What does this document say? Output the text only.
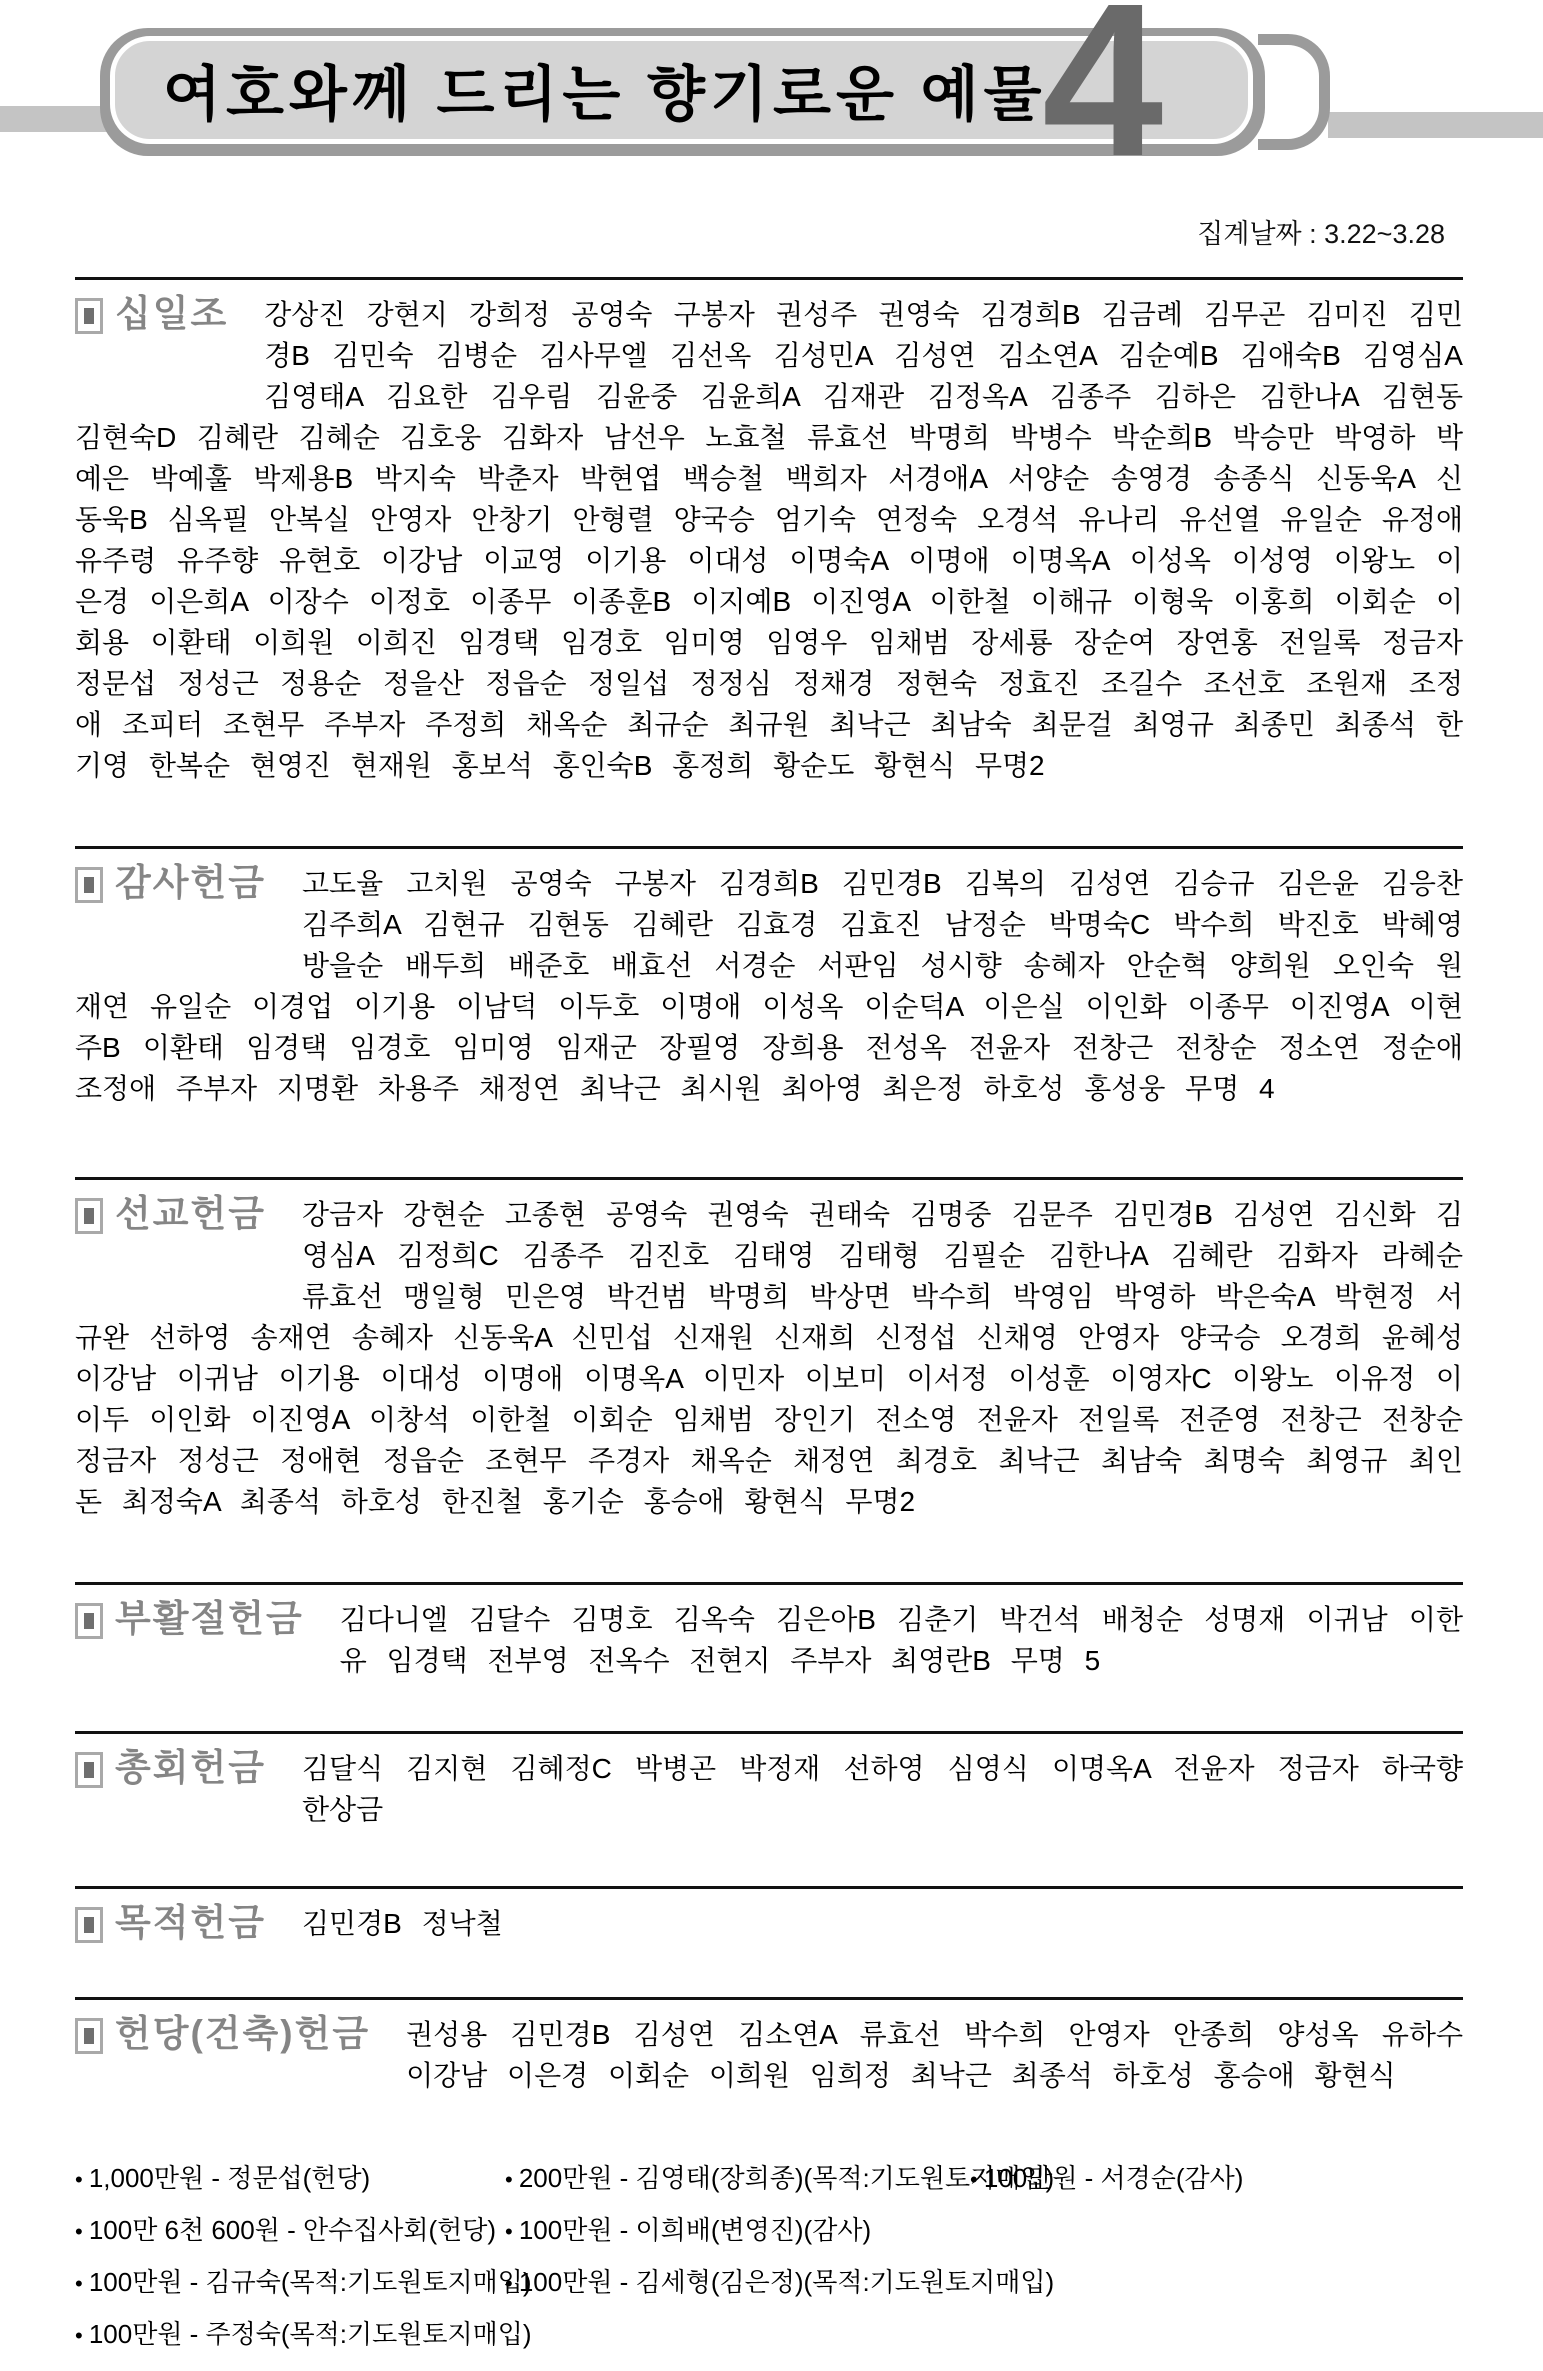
여호와께 드리는 향기로운 예물
4
집계날짜 : 3.22~3.28
십일조	강상진 강현지 강희정 공영숙 구봉자 권성주 권영숙 김경희B 김금례 김무곤 김미진 김민경B 김민숙 김병순 김사무엘 김선옥 김성민A 김성연 김소연A 김순예B 김애숙B 김영심A 김영태A 김요한 김우림 김윤중 김윤희A 김재관 김정옥A 김종주 김하은 김한나A 김현동 김현숙D 김혜란 김혜순 김호웅 김화자 남선우 노효철 류효선 박명희 박병수 박순희B 박승만 박영하 박예은 박예훌 박제용B 박지숙 박춘자 박현엽 백승철 백희자 서경애A 서양순 송영경 송종식 신동욱A 신동욱B 심옥필 안복실 안영자 안창기 안형렬 양국승 엄기숙 연정숙 오경석 유나리 유선열 유일순 유정애 유주령 유주향 유현호 이강남 이교영 이기용 이대성 이명숙A 이명애 이명옥A 이성옥 이성영 이왕노 이은경 이은희A 이장수 이정호 이종무 이종훈B 이지예B 이진영A 이한철 이해규 이형욱 이홍희 이회순 이회용 이환태 이희원 이희진 임경택 임경호 임미영 임영우 임채범 장세룡 장순여 장연홍 전일록 정금자 정문섭 정성근 정용순 정을산 정읍순 정일섭 정정심 정채경 정현숙 정효진 조길수 조선호 조원재 조정애 조피터 조현무 주부자 주정희 채옥순 최규순 최규원 최낙근 최남숙 최문걸 최영규 최종민 최종석 한기영 한복순 현영진 현재원 홍보석 홍인숙B 홍정희 황순도 황현식 무명2

감사헌금	고도율 고치원 공영숙 구봉자 김경희B 김민경B 김복의 김성연 김승규 김은윤 김응찬 김주희A 김현규 김현동 김혜란 김효경 김효진 남정순 박명숙C 박수희 박진호 박혜영 방을순 배두희 배준호 배효선 서경순 서판임 성시향 송혜자 안순혁 양희원 오인숙 원재연 유일순 이경업 이기용 이남덕 이두호 이명애 이성옥 이순덕A 이은실 이인화 이종무 이진영A 이현주B 이환태 임경택 임경호 임미영 임재군 장필영 장희용 전성옥 전윤자 전창근 전창순 정소연 정순애 조정애 주부자 지명환 차용주 채정연 최낙근 최시원 최아영 최은정 하호성 홍성웅 무명 4

선교헌금	강금자 강현순 고종현 공영숙 권영숙 권태숙 김명중 김문주 김민경B 김성연 김신화 김영심A 김정희C 김종주 김진호 김태영 김태형 김필순 김한나A 김혜란 김화자 라혜순 류효선 맹일형 민은영 박건범 박명희 박상면 박수희 박영임 박영하 박은숙A 박현정 서규완 선하영 송재연 송혜자 신동욱A 신민섭 신재원 신재희 신정섭 신채영 안영자 양국승 오경희 윤혜성 이강남 이귀남 이기용 이대성 이명애 이명옥A 이민자 이보미 이서정 이성훈 이영자C 이왕노 이유정 이이두 이인화 이진영A 이창석 이한철 이회순 임채범 장인기 전소영 전윤자 전일록 전준영 전창근 전창순 정금자 정성근 정애현 정읍순 조현무 주경자 채옥순 채정연 최경호 최낙근 최남숙 최명숙 최영규 최인돈 최정숙A 최종석 하호성 한진철 홍기순 홍승애 황현식 무명2

부활절헌금	김다니엘 김달수 김명호 김옥숙 김은아B 김춘기 박건석 배청순 성명재 이귀남 이한유 임경택 전부영 전옥수 전현지 주부자 최영란B 무명 5

총회헌금	김달식 김지현 김혜정C 박병곤 박정재 선하영 심영식 이명옥A 전윤자 정금자 하국향 한상금

목적헌금	김민경B 정낙철

헌당(건축)헌금	권성용 김민경B 김성연 김소연A 류효선 박수희 안영자 안종희 양성옥 유하수 이강남 이은경 이회순 이희원 임희정 최낙근 최종석 하호성 홍승애 황현식

• 1,000만원 - 정문섭(헌당)
• 100만 6천 600원 - 안수집사회(헌당)
• 100만원 - 김규숙(목적:기도원토지매입)
• 100만원 - 주정숙(목적:기도원토지매입)
• 200만원 - 김영태(장희종)(목적:기도원토지매입)
• 100만원 - 이희배(변영진)(감사)
• 100만원 - 김세형(김은정)(목적:기도원토지매입)
• 100만원 - 서경순(감사)
